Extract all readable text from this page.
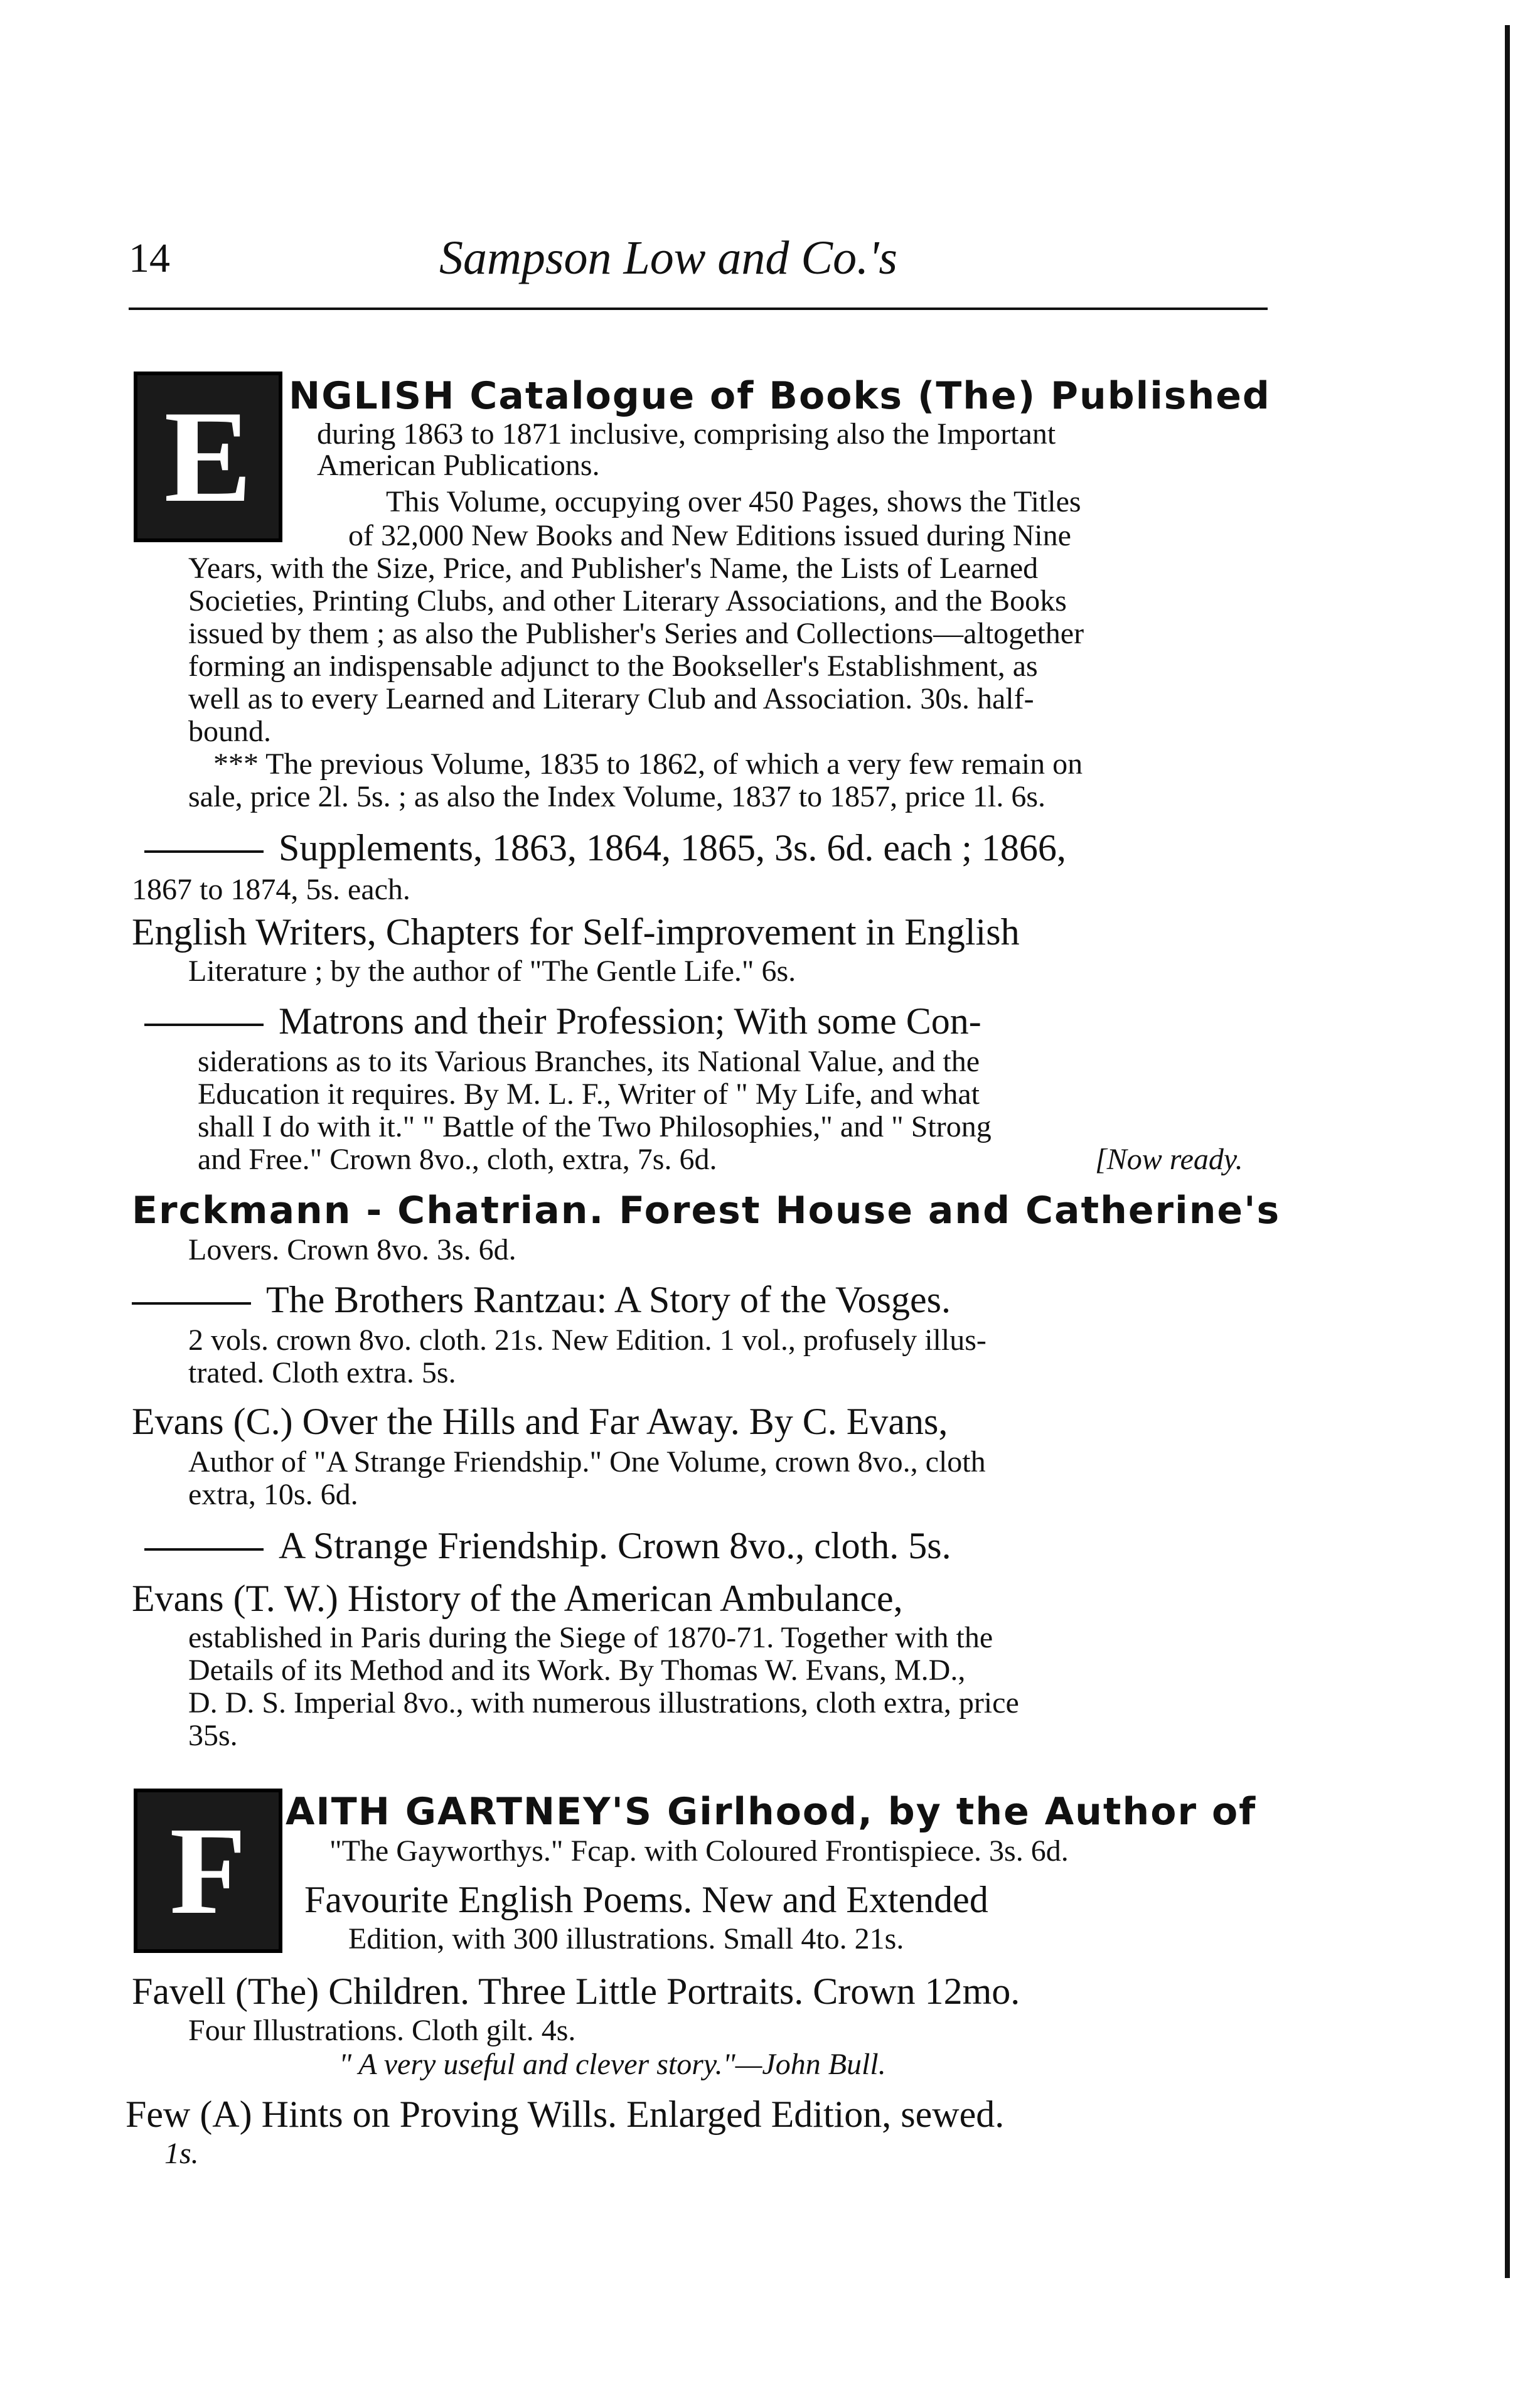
14	Sampson Low and Co.'s
E NGLISH Catalogue of Books (The) Published
during 1863 to 1871 inclusive, comprising also the Important
American Publications.
This Volume, occupying over 450 Pages, shows the Titles
of 32,000 New Books and New Editions issued during Nine
Years, with the Size, Price, and Publisher's Name, the Lists of Learned
Societies, Printing Clubs, and other Literary Associations, and the Books
issued by them ; as also the Publisher's Series and Collections—altogether
forming an indispensable adjunct to the Bookseller's Establishment, as
well as to every Learned and Literary Club and Association. 30s. half-
bound.
*** The previous Volume, 1835 to 1862, of which a very few remain on
sale, price 2l. 5s. ; as also the Index Volume, 1837 to 1857, price 1l. 6s.
Supplements, 1863, 1864, 1865, 3s. 6d. each ; 1866,
1867 to 1874, 5s. each.
English Writers, Chapters for Self-improvement in English
Literature ; by the author of "The Gentle Life." 6s.
Matrons and their Profession; With some Con-
siderations as to its Various Branches, its National Value, and the
Education it requires. By M. L. F., Writer of " My Life, and what
shall I do with it." " Battle of the Two Philosophies," and " Strong
and Free." Crown 8vo., cloth, extra, 7s. 6d.	[Now ready.
Erckmann - Chatrian. Forest House and Catherine's
Lovers. Crown 8vo. 3s. 6d.
The Brothers Rantzau: A Story of the Vosges.
2 vols. crown 8vo. cloth. 21s. New Edition. 1 vol., profusely illus-
trated. Cloth extra. 5s.
Evans (C.) Over the Hills and Far Away. By C. Evans,
Author of "A Strange Friendship." One Volume, crown 8vo., cloth
extra, 10s. 6d.
A Strange Friendship. Crown 8vo., cloth. 5s.
Evans (T. W.) History of the American Ambulance,
established in Paris during the Siege of 1870-71. Together with the
Details of its Method and its Work. By Thomas W. Evans, M.D.,
D. D. S. Imperial 8vo., with numerous illustrations, cloth extra, price
35s.
F	AITH GARTNEY'S Girlhood, by the Author of
"The Gayworthys." Fcap. with Coloured Frontispiece. 3s. 6d.
Favourite English Poems. New and Extended
Edition, with 300 illustrations. Small 4to. 21s.
Favell (The) Children. Three Little Portraits. Crown 12mo.
Four Illustrations. Cloth gilt. 4s.
" A very useful and clever story."—John Bull.
Few (A) Hints on Proving Wills. Enlarged Edition, sewed.
1s.
